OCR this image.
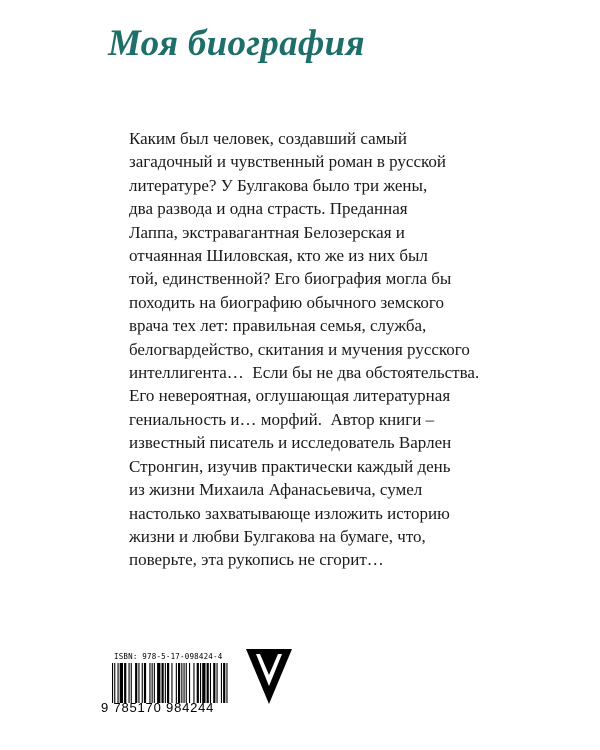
Моя биография
Каким был человек, создавший самый
загадочный и чувственный роман в русской
литературе? У Булгакова было три жены,
два развода и одна страсть. Преданная
Лаппа, экстравагантная Белозерская и
отчаянная Шиловская, кто же из них был
той, единственной? Его биография могла бы
походить на биографию обычного земского
врача тех лет: правильная семья, служба,
белогвардейство, скитания и мучения русского
интеллигента…  Если бы не два обстоятельства.
Его невероятная, оглушающая литературная
гениальность и… морфий.  Автор книги –
известный писатель и исследователь Варлен
Стронгин, изучив практически каждый день
из жизни Михаила Афанасьевича, сумел
настолько захватывающе изложить историю
жизни и любви Булгакова на бумаге, что,
поверьте, эта рукопись не сгорит…
ISBN: 978-5-17-098424-4
9 785170 984244
